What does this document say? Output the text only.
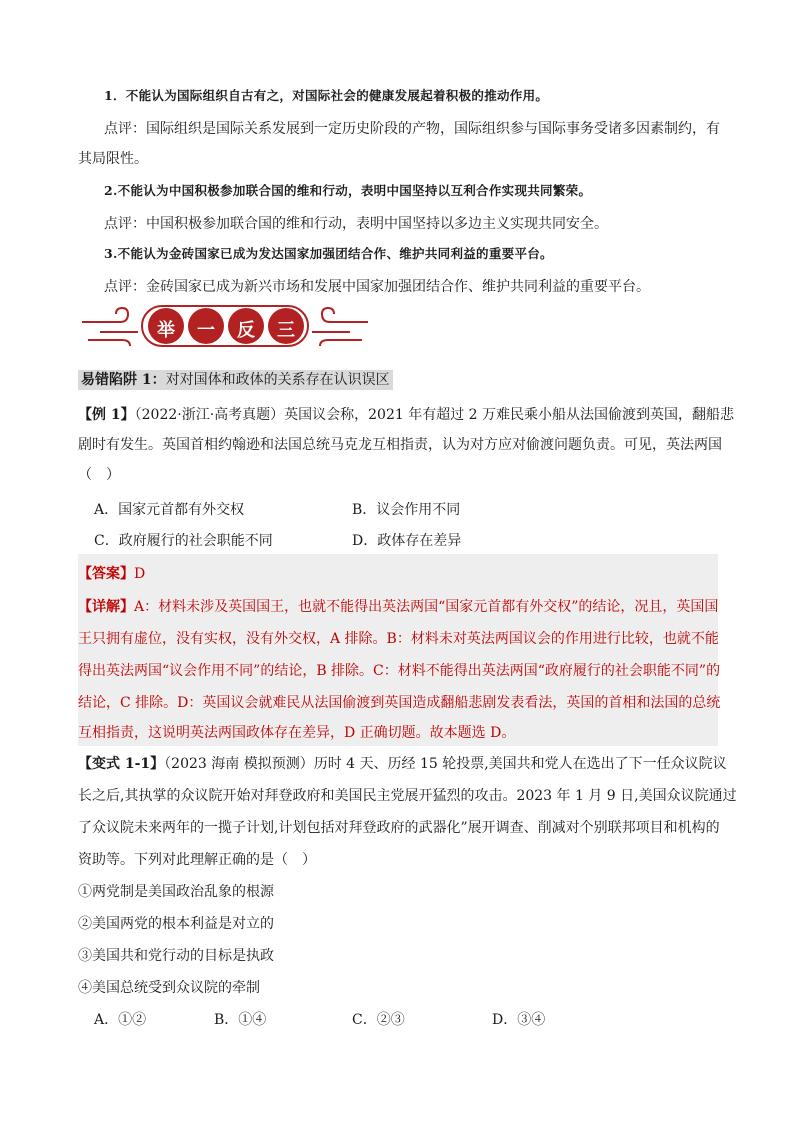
1．不能认为国际组织自古有之，对国际社会的健康发展起着积极的推动作用。
点评：国际组织是国际关系发展到一定历史阶段的产物，国际组织参与国际事务受诸多因素制约，有
其局限性。
2.不能认为中国积极参加联合国的维和行动，表明中国坚持以互利合作实现共同繁荣。
点评：中国积极参加联合国的维和行动，表明中国坚持以多边主义实现共同安全。
3.不能认为金砖国家已成为发达国家加强团结合作、维护共同利益的重要平台。
点评：金砖国家已成为新兴市场和发展中国家加强团结合作、维护共同利益的重要平台。
举 一 反 三
易错陷阱 1：对对国体和政体的关系存在认识误区
【例 1】（2022·浙江·高考真题）英国议会称，2021 年有超过 2 万难民乘小船从法国偷渡到英国，翻船悲
剧时有发生。英国首相约翰逊和法国总统马克龙互相指责，认为对方应对偷渡问题负责。可见，英法两国
（　）
A．国家元首都有外交权	B．议会作用不同
C．政府履行的社会职能不同	D．政体存在差异
【答案】D
【详解】A：材料未涉及英国国王，也就不能得出英法两国“国家元首都有外交权”的结论，况且，英国国
王只拥有虚位，没有实权，没有外交权，A 排除。B：材料未对英法两国议会的作用进行比较，也就不能
得出英法两国“议会作用不同”的结论，B 排除。C：材料不能得出英法两国“政府履行的社会职能不同”的
结论，C 排除。D：英国议会就难民从法国偷渡到英国造成翻船悲剧发表看法，英国的首相和法国的总统
互相指责，这说明英法两国政体存在差异，D 正确切题。故本题选 D。
【变式 1-1】（2023 海南 模拟预测）历时 4 天、历经 15 轮投票,美国共和党人在选出了下一任众议院议
长之后,其执掌的众议院开始对拜登政府和美国民主党展开猛烈的攻击。2023 年 1 月 9 日,美国众议院通过
了众议院未来两年的一揽子计划,计划包括对拜登政府的武器化”展开调查、削减对个别联邦项目和机构的
资助等。下列对此理解正确的是（　）
①两党制是美国政治乱象的根源
②美国两党的根本利益是对立的
③美国共和党行动的目标是执政
④美国总统受到众议院的牵制
A．①②	B．①④	C．②③	D．③④
